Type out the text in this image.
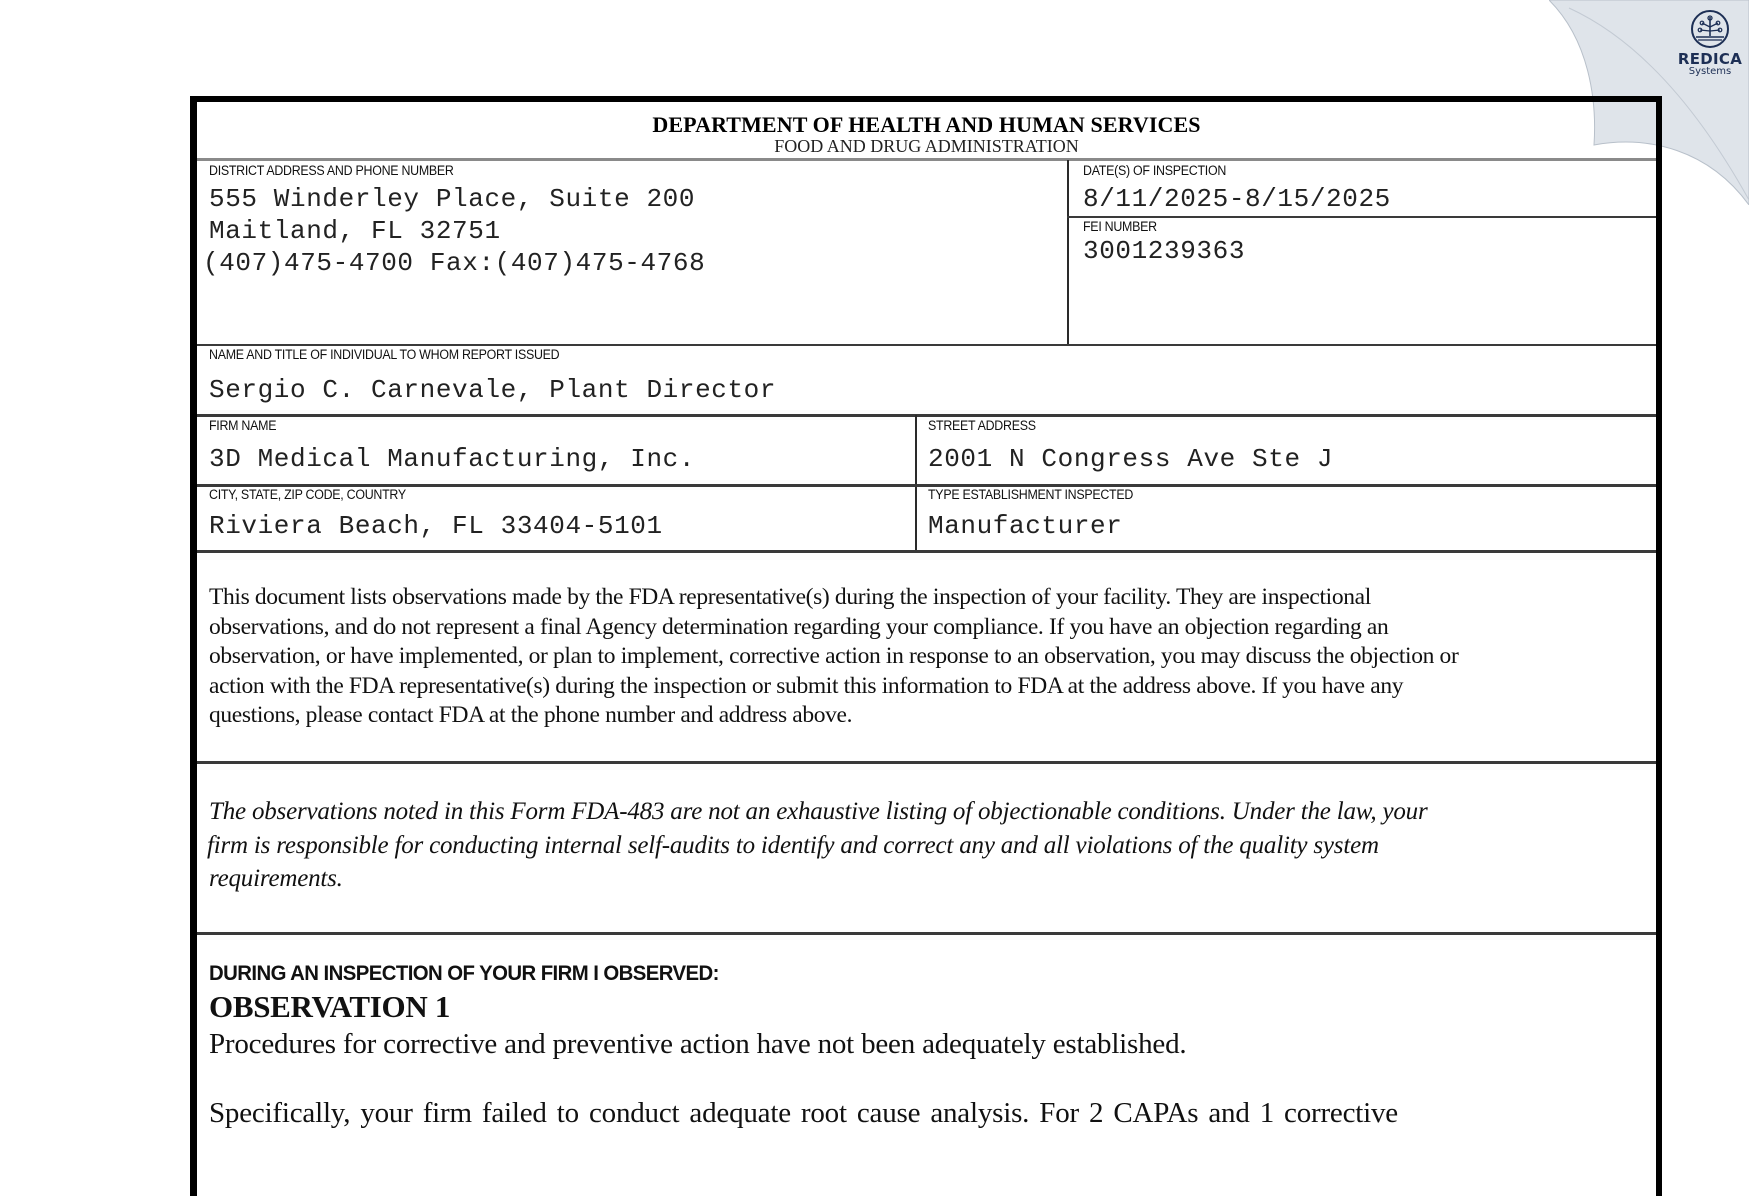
REDICA
Systems
DEPARTMENT OF HEALTH AND HUMAN SERVICES
FOOD AND DRUG ADMINISTRATION
DISTRICT ADDRESS AND PHONE NUMBER
555 Winderley Place, Suite 200
Maitland, FL 32751
(407)475-4700 Fax:(407)475-4768
DATE(S) OF INSPECTION
8/11/2025-8/15/2025
FEI NUMBER
3001239363
NAME AND TITLE OF INDIVIDUAL TO WHOM REPORT ISSUED
Sergio C. Carnevale, Plant Director
FIRM NAME
3D Medical Manufacturing, Inc.
STREET ADDRESS
2001 N Congress Ave Ste J
CITY, STATE, ZIP CODE, COUNTRY
Riviera Beach, FL 33404-5101
TYPE ESTABLISHMENT INSPECTED
Manufacturer
This document lists observations made by the FDA representative(s) during the inspection of your facility. They are inspectional
observations, and do not represent a final Agency determination regarding your compliance. If you have an objection regarding an
observation, or have implemented, or plan to implement, corrective action in response to an observation, you may discuss the objection or
action with the FDA representative(s) during the inspection or submit this information to FDA at the address above. If you have any
questions, please contact FDA at the phone number and address above.
The observations noted in this Form FDA-483 are not an exhaustive listing of objectionable conditions. Under the law, your
firm is responsible for conducting internal self-audits to identify and correct any and all violations of the quality system
requirements.
DURING AN INSPECTION OF YOUR FIRM I OBSERVED:
OBSERVATION 1
Procedures for corrective and preventive action have not been adequately established.
Specifically, your firm failed to conduct adequate root cause analysis. For 2 CAPAs and 1 corrective
